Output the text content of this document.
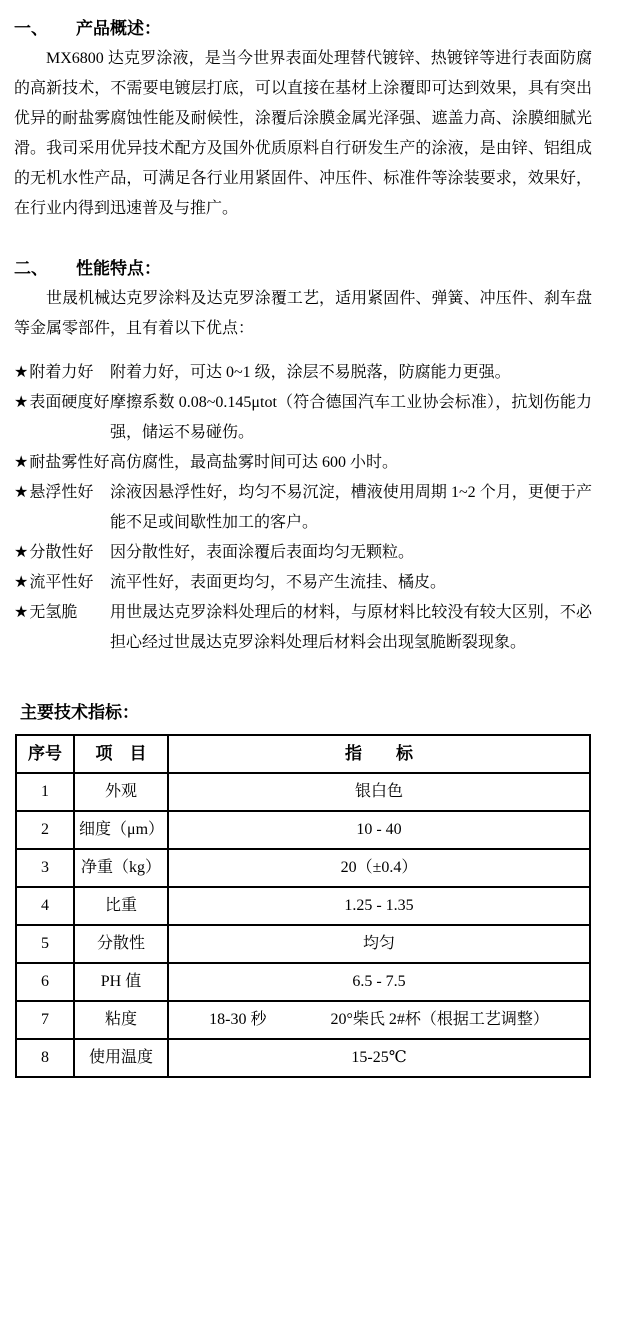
一、	产品概述：

MX6800 达克罗涂液，是当今世界表面处理替代镀锌、热镀锌等进行表面防腐的高新技术，不需要电镀层打底，可以直接在基材上涂覆即可达到效果，具有突出优异的耐盐雾腐蚀性能及耐候性，涂覆后涂膜金属光泽强、遮盖力高、涂膜细腻光滑。我司采用优异技术配方及国外优质原料自行研发生产的涂液，是由锌、铝组成的无机水性产品，可满足各行业用紧固件、冲压件、标准件等涂装要求，效果好，在行业内得到迅速普及与推广。

二、	性能特点：

世晟机械达克罗涂料及达克罗涂覆工艺，适用紧固件、弹簧、冲压件、刹车盘等金属零部件，且有着以下优点：

★附着力好	附着力好，可达 0~1 级，涂层不易脱落，防腐能力更强。
★表面硬度好 摩擦系数 0.08~0.145μtot（符合德国汽车工业协会标准），抗划伤能力强，储运不易碰伤。
★耐盐雾性好 高仿腐性，最高盐雾时间可达 600 小时。
★悬浮性好	涂液因悬浮性好，均匀不易沉淀，槽液使用周期 1~2 个月，更便于产能不足或间歇性加工的客户。
★分散性好	因分散性好，表面涂覆后表面均匀无颗粒。
★流平性好	流平性好，表面更均匀，不易产生流挂、橘皮。
★无氢脆	用世晟达克罗涂料处理后的材料，与原材料比较没有较大区别，不必担心经过世晟达克罗涂料处理后材料会出现氢脆断裂现象。
主要技术指标：
序号	项　目	指　　标
1	外观	银白色
2	细度（μm）	10 - 40
3	净重（kg）	20（±0.4）
4	比重	1.25 - 1.35
5	分散性	均匀
6	PH 值	6.5 - 7.5
7	粘度	18-30 秒　　　　20°柴氏 2#杯（根据工艺调整）
8	使用温度	15-25℃
